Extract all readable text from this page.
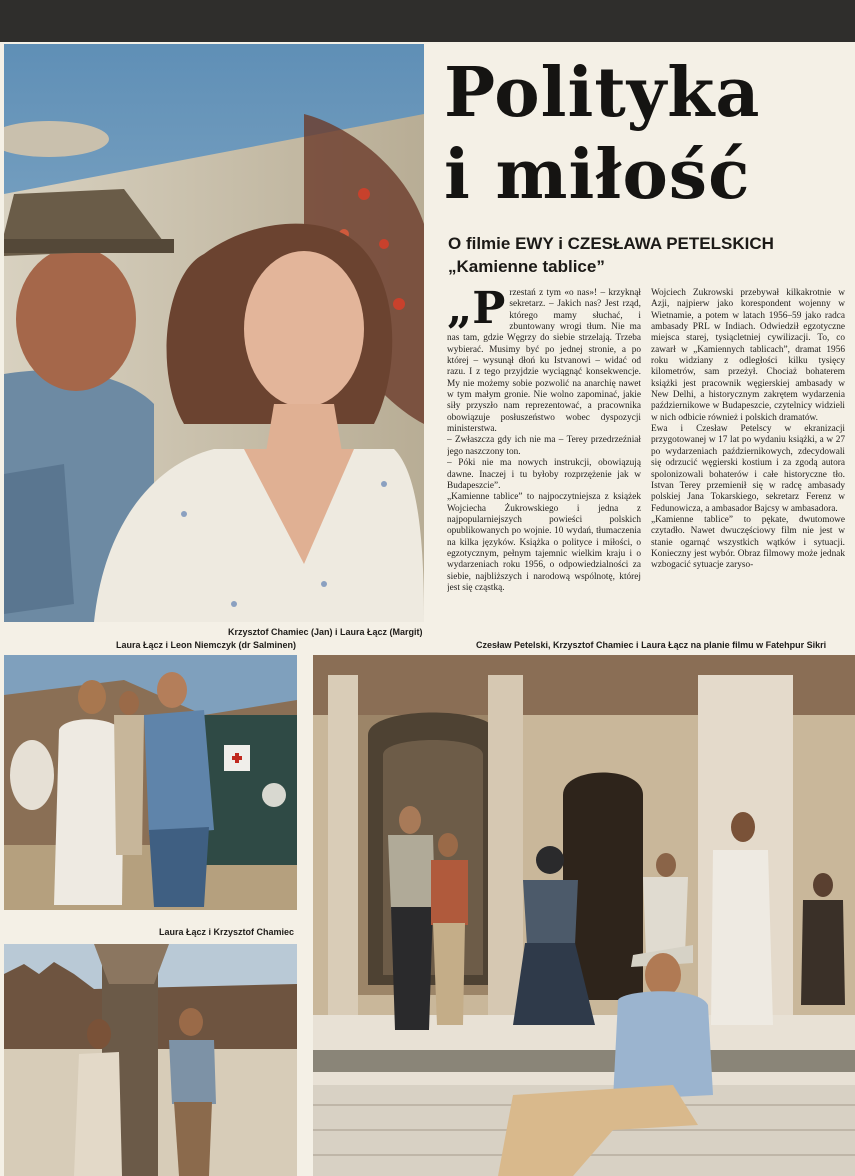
Polityka
i miłość
O filmie EWY i CZESŁAWA PETELSKICH
„Kamienne tablice”

„Przestań z tym «o nas»! – krzyknął sekretarz. – Jakich nas? Jest rząd, którego mamy słuchać, i zbuntowany wrogi tłum. Nie ma nas tam, gdzie Węgrzy do siebie strzelają. Trzeba wybierać. Musimy być po jednej stronie, a po której – wysunął dłoń ku Istvanowi – widać od razu. I z tego przyjdzie wyciągnąć konsekwencje. My nie możemy sobie pozwolić na anarchię nawet w tym małym gronie. Nie wolno zapominać, jakie siły przyszło nam reprezentować, a pracownika obowiązuje posłuszeństwo wobec dyspozycji ministerstwa.

– Zwłaszcza gdy ich nie ma – Terey przedrzeźniał jego naszczony ton.

– Póki nie ma nowych instrukcji, obowiązują dawne. Inaczej i tu byłoby rozprzężenie jak w Budapeszcie”.

„Kamienne tablice” to najpoczytniejsza z książek Wojciecha Żukrowskiego i jedna z najpopularniejszych powieści polskich opublikowanych po wojnie. 10 wydań, tłumaczenia na kilka języków. Książka o polityce i miłości, o egzotycznym, pełnym tajemnic wielkim kraju i o wydarzeniach roku 1956, o odpowiedzialności za siebie, najbliższych i narodową wspólnotę, której jest się cząstką.

Wojciech Żukrowski przebywał kilkakrotnie w Azji, najpierw jako korespondent wojenny w Wietnamie, a potem w latach 1956–59 jako radca ambasady PRL w Indiach. Odwiedził egzotyczne miejsca starej, tysiącletniej cywilizacji. To, co zawarł w „Kamiennych tablicach”, dramat 1956 roku widziany z odległości kilku tysięcy kilometrów, sam przeżył. Chociaż bohaterem książki jest pracownik węgierskiej ambasady w New Delhi, a historycznym zakrętem wydarzenia październikowe w Budapeszcie, czytelnicy widzieli w nich odbicie również i polskich dramatów.

Ewa i Czesław Petelscy w ekranizacji przygotowanej w 17 lat po wydaniu książki, a w 27 po wydarzeniach październikowych, zdecydowali się odrzucić węgierski kostium i za zgodą autora spolonizowali bohaterów i całe historyczne tło. Istvan Terey przemienił się w radcę ambasady polskiej Jana Tokarskiego, sekretarz Ferenz w Fedunowicza, a ambasador Bajcsy w ambasadora.

„Kamienne tablice” to pękate, dwutomowe czytadło. Nawet dwuczęściowy film nie jest w stanie ogarnąć wszystkich wątków i sytuacji. Konieczny jest wybór. Obraz filmowy może jednak wzbogacić sytuacje zaryso-

Krzysztof Chamiec (Jan) i Laura Łącz (Margit)
Czesław Petelski, Krzysztof Chamiec i Laura Łącz na planie filmu w Fatehpur Sikri
Laura Łącz i Leon Niemczyk (dr Salminen)
Laura Łącz i Krzysztof Chamiec
